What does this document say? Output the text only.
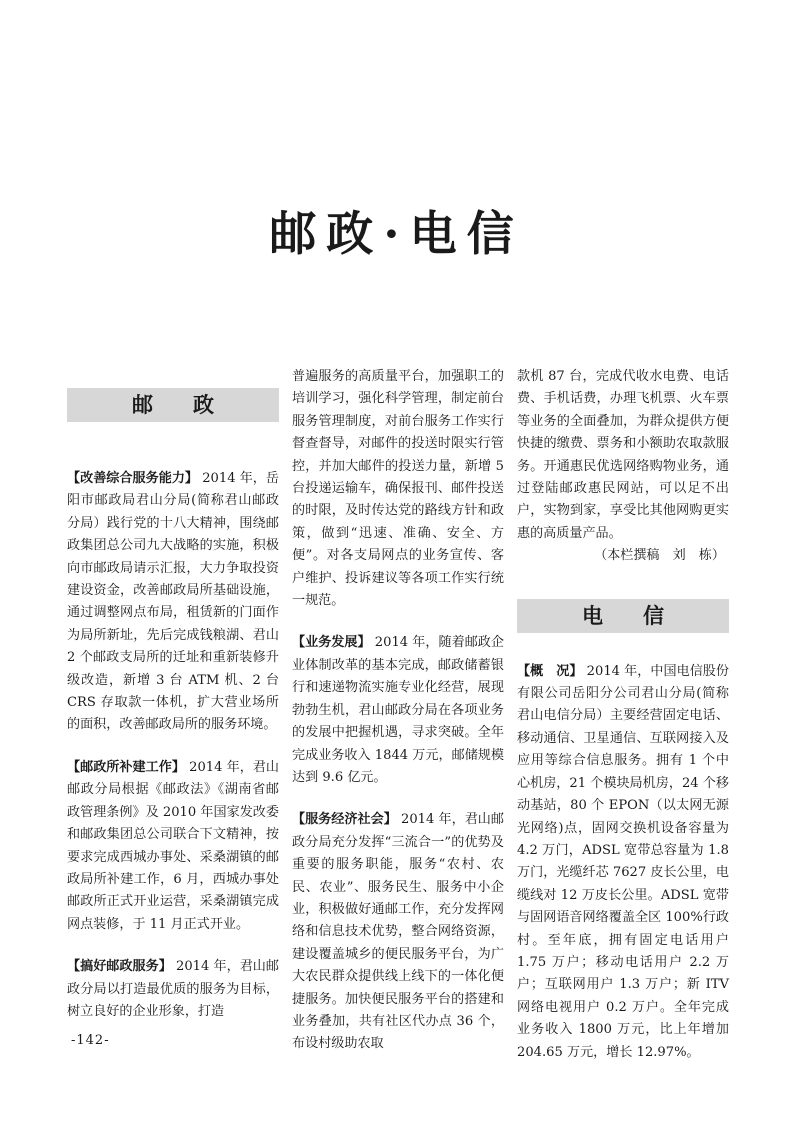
邮政·电信
邮政

【改善综合服务能力】 2014 年，岳阳市邮政局君山分局(简称君山邮政分局）践行党的十八大精神，围绕邮政集团总公司九大战略的实施，积极向市邮政局请示汇报，大力争取投资建设资金，改善邮政局所基础设施，通过调整网点布局，租赁新的门面作为局所新址，先后完成钱粮湖、君山 2 个邮政支局所的迁址和重新装修升级改造，新增 3 台 ATM 机、2 台 CRS 存取款一体机，扩大营业场所的面积，改善邮政局所的服务环境。

【邮政所补建工作】 2014 年，君山邮政分局根据《邮政法》《湖南省邮政管理条例》及 2010 年国家发改委和邮政集团总公司联合下文精神，按要求完成西城办事处、采桑湖镇的邮政局所补建工作，6 月，西城办事处邮政所正式开业运营，采桑湖镇完成网点装修，于 11 月正式开业。

【搞好邮政服务】 2014 年，君山邮政分局以打造最优质的服务为目标，树立良好的企业形象，打造

普遍服务的高质量平台，加强职工的培训学习，强化科学管理，制定前台服务管理制度，对前台服务工作实行督查督导，对邮件的投送时限实行管控，并加大邮件的投送力量，新增 5 台投递运输车，确保报刊、邮件投送的时限，及时传达党的路线方针和政策，做到“迅速、准确、安全、方便”。对各支局网点的业务宣传、客户维护、投诉建议等各项工作实行统一规范。

【业务发展】 2014 年，随着邮政企业体制改革的基本完成，邮政储蓄银行和速递物流实施专业化经营，展现勃勃生机，君山邮政分局在各项业务的发展中把握机遇，寻求突破。全年完成业务收入 1844 万元，邮储规模达到 9.6 亿元。

【服务经济社会】 2014 年，君山邮政分局充分发挥“三流合一”的优势及重要的服务职能，服务“农村、农民、农业”、服务民生、服务中小企业，积极做好通邮工作，充分发挥网络和信息技术优势，整合网络资源，建设覆盖城乡的便民服务平台，为广大农民群众提供线上线下的一体化便捷服务。加快便民服务平台的搭建和业务叠加，共有社区代办点 36 个，布设村级助农取

款机 87 台，完成代收水电费、电话费、手机话费，办理飞机票、火车票等业务的全面叠加，为群众提供方便快捷的缴费、票务和小额助农取款服务。开通惠民优选网络购物业务，通过登陆邮政惠民网站，可以足不出户，实物到家，享受比其他网购更实惠的高质量产品。

（本栏撰稿　刘　栋）

电信

【概　况】 2014 年，中国电信股份有限公司岳阳分公司君山分局(简称君山电信分局）主要经营固定电话、移动通信、卫星通信、互联网接入及应用等综合信息服务。拥有 1 个中心机房，21 个模块局机房，24 个移动基站，80 个 EPON（以太网无源光网络)点，固网交换机设备容量为 4.2 万门，ADSL 宽带总容量为 1.8 万门，光缆纤芯 7627 皮长公里，电缆线对 12 万皮长公里。ADSL 宽带与固网语音网络覆盖全区 100%行政村。至年底，拥有固定电话用户 1.75 万户；移动电话用户 2.2 万户；互联网用户 1.3 万户；新 ITV 网络电视用户 0.2 万户。全年完成业务收入 1800 万元，比上年增加 204.65 万元，增长 12.97%。

-142-
